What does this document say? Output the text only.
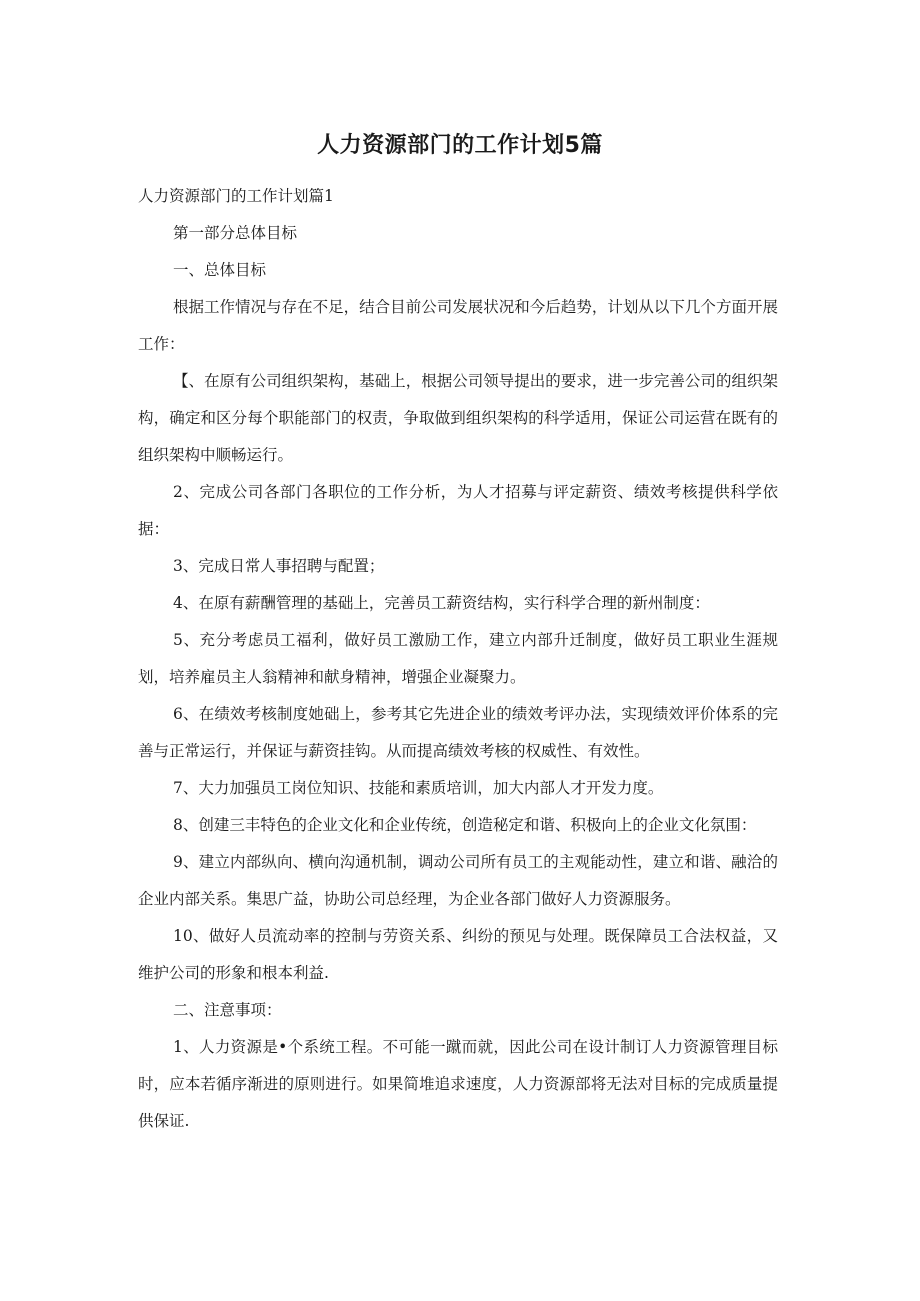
人力资源部门的工作计划5篇

人力资源部门的工作计划篇1

第一部分总体目标

一、总体目标

根据工作情况与存在不足，结合目前公司发展状况和今后趋势，计划从以下几个方面开展工作：

【、在原有公司组织架构，基础上，根据公司领导提出的要求，进一步完善公司的组织架构，确定和区分每个职能部门的权责，争取做到组织架构的科学适用，保证公司运营在既有的组织架构中顺畅运行。

2、完成公司各部门各职位的工作分析，为人才招募与评定薪资、绩效考核提供科学依据：

3、完成日常人事招聘与配置；

4、在原有薪酬管理的基础上，完善员工薪资结构，实行科学合理的新州制度：

5、充分考虑员工福利，做好员工激励工作，建立内部升迁制度，做好员工职业生涯规划，培养雇员主人翁精神和献身精神，增强企业凝聚力。

6、在绩效考核制度她础上，参考其它先进企业的绩效考评办法，实现绩效评价体系的完善与正常运行，并保证与薪资挂钩。从而提高绩效考核的权威性、有效性。

7、大力加强员工岗位知识、技能和素质培训，加大内部人才开发力度。

8、创建三丰特色的企业文化和企业传统，创造秘定和谐、积极向上的企业文化氛围：

9、建立内部纵向、横向沟通机制，调动公司所有员工的主观能动性，建立和谐、融洽的企业内部关系。集思广益，协助公司总经理，为企业各部门做好人力资源服务。

10、做好人员流动率的控制与劳资关系、纠纷的预见与处理。既保障员工合法权益，又维护公司的形象和根本利益.

二、注意事项：

1、人力资源是•个系统工程。不可能一蹴而就，因此公司在设计制订人力资源管理目标时，应本若循序渐进的原则进行。如果简堆追求速度，人力资源部将无法对目标的完成质量提供保证.
